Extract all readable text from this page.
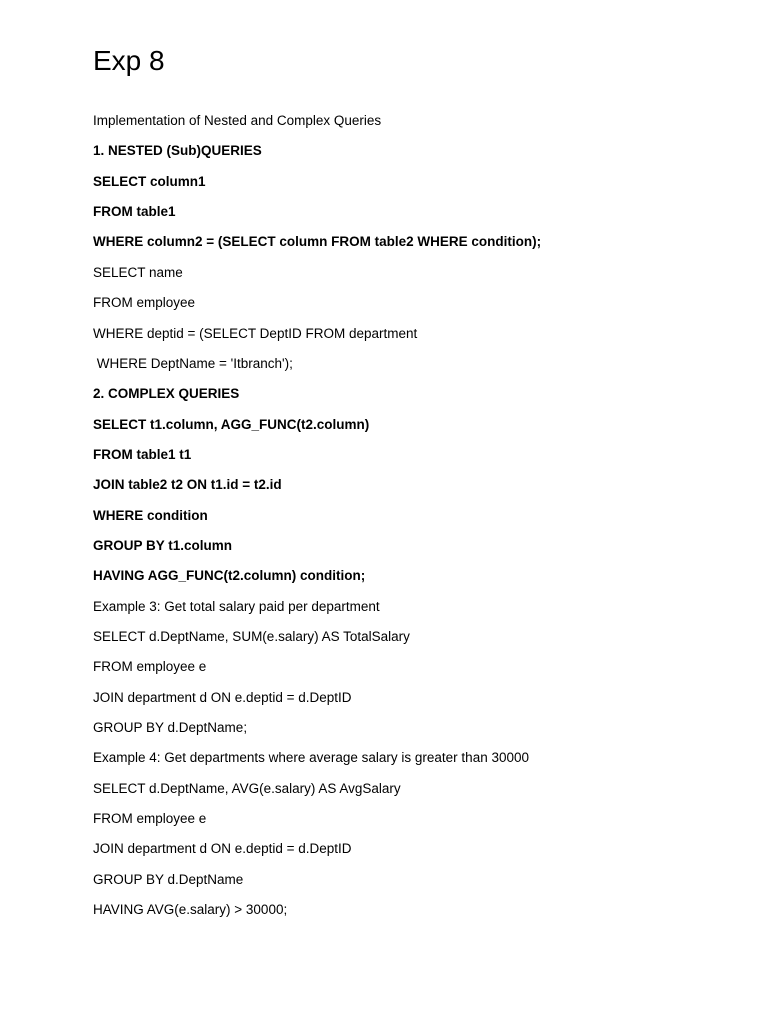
Exp 8

Implementation of Nested and Complex Queries

1. NESTED (Sub)QUERIES

SELECT column1

FROM table1

WHERE column2 = (SELECT column FROM table2 WHERE condition);

SELECT name

FROM employee

WHERE deptid = (SELECT DeptID FROM department

WHERE DeptName = 'Itbranch');

2. COMPLEX QUERIES

SELECT t1.column, AGG_FUNC(t2.column)

FROM table1 t1

JOIN table2 t2 ON t1.id = t2.id

WHERE condition

GROUP BY t1.column

HAVING AGG_FUNC(t2.column) condition;

Example 3: Get total salary paid per department

SELECT d.DeptName, SUM(e.salary) AS TotalSalary

FROM employee e

JOIN department d ON e.deptid = d.DeptID

GROUP BY d.DeptName;

Example 4: Get departments where average salary is greater than 30000

SELECT d.DeptName, AVG(e.salary) AS AvgSalary

FROM employee e

JOIN department d ON e.deptid = d.DeptID

GROUP BY d.DeptName

HAVING AVG(e.salary) > 30000;
